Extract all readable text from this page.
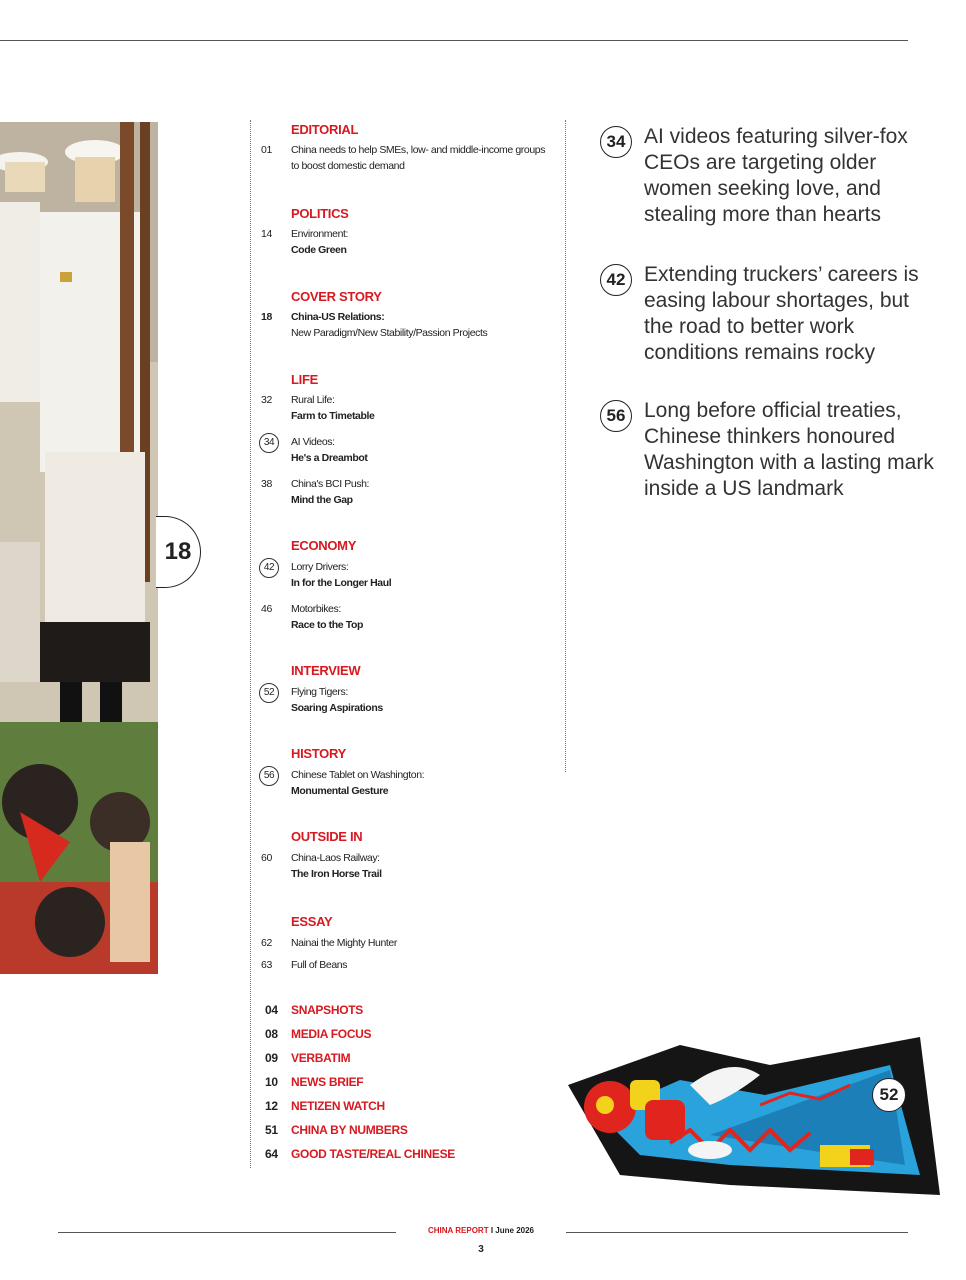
18
EDITORIAL
01	China needs to help SMEs, low- and middle-income groups
to boost domestic demand
POLITICS
14	Environment:
Code Green
COVER STORY
18	China-US Relations:
New Paradigm/New Stability/Passion Projects
LIFE
32	Rural Life:
Farm to Timetable
34	AI Videos:
He's a Dreambot
38	China's BCI Push:
Mind the Gap
ECONOMY
42	Lorry Drivers:
In for the Longer Haul
46	Motorbikes:
Race to the Top
INTERVIEW
52	Flying Tigers:
Soaring Aspirations
HISTORY
56	Chinese Tablet on Washington:
Monumental Gesture
OUTSIDE IN
60	China-Laos Railway:
The Iron Horse Trail
ESSAY
62	Nainai the Mighty Hunter
63	Full of Beans
04	SNAPSHOTS
08	MEDIA FOCUS
09	VERBATIM
10	NEWS BRIEF
12	NETIZEN WATCH
51	CHINA BY NUMBERS
64	GOOD TASTE/REAL CHINESE
34 AI videos featuring silver-fox CEOs are targeting older women seeking love, and stealing more than hearts
42 Extending truckers’ careers is easing labour shortages, but the road to better work conditions remains rocky
56 Long before official treaties, Chinese thinkers honoured Washington with a lasting mark inside a US landmark
52
CHINA REPORT I June 2026
3
